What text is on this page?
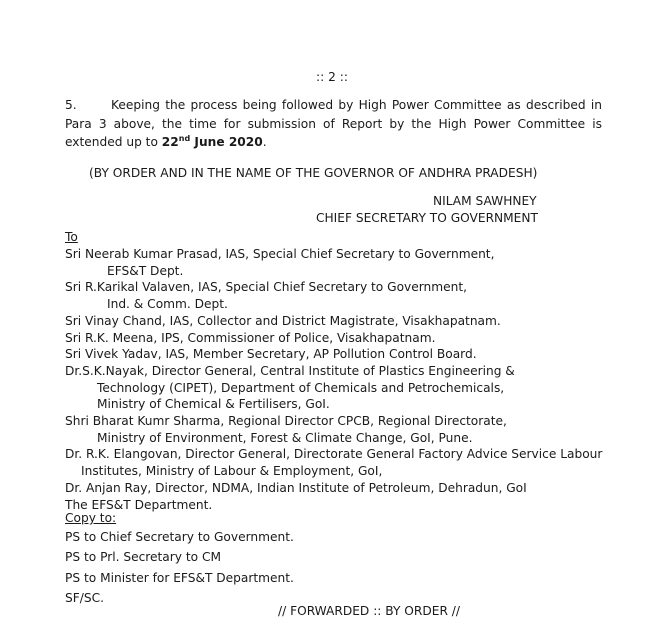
:: 2 ::
5.	Keeping the process being followed by High Power Committee as described in Para 3 above, the time for submission of Report by the High Power Committee is extended up to 22nd June 2020.
(BY ORDER AND IN THE NAME OF THE GOVERNOR OF ANDHRA PRADESH)
NILAM SAWHNEY
CHIEF SECRETARY TO GOVERNMENT
To
Sri Neerab Kumar Prasad, IAS, Special Chief Secretary to Government,
EFS&T Dept.
Sri R.Karikal Valaven, IAS, Special Chief Secretary to Government,
Ind. & Comm. Dept.
Sri Vinay Chand, IAS, Collector and District Magistrate, Visakhapatnam.
Sri R.K. Meena, IPS, Commissioner of Police, Visakhapatnam.
Sri Vivek Yadav, IAS, Member Secretary, AP Pollution Control Board.
Dr.S.K.Nayak, Director General, Central Institute of Plastics Engineering &
Technology (CIPET), Department of Chemicals and Petrochemicals,
Ministry of Chemical & Fertilisers, GoI.
Shri Bharat Kumr Sharma, Regional Director CPCB, Regional Directorate,
Ministry of Environment, Forest & Climate Change, GoI, Pune.
Dr. R.K. Elangovan, Director General, Directorate General Factory Advice Service Labour
Institutes, Ministry of Labour & Employment, GoI,
Dr. Anjan Ray, Director, NDMA, Indian Institute of Petroleum, Dehradun, GoI
The EFS&T Department.
Copy to:
PS to Chief Secretary to Government.
PS to Prl. Secretary to CM
PS to Minister for EFS&T Department.
SF/SC.
// FORWARDED :: BY ORDER //
